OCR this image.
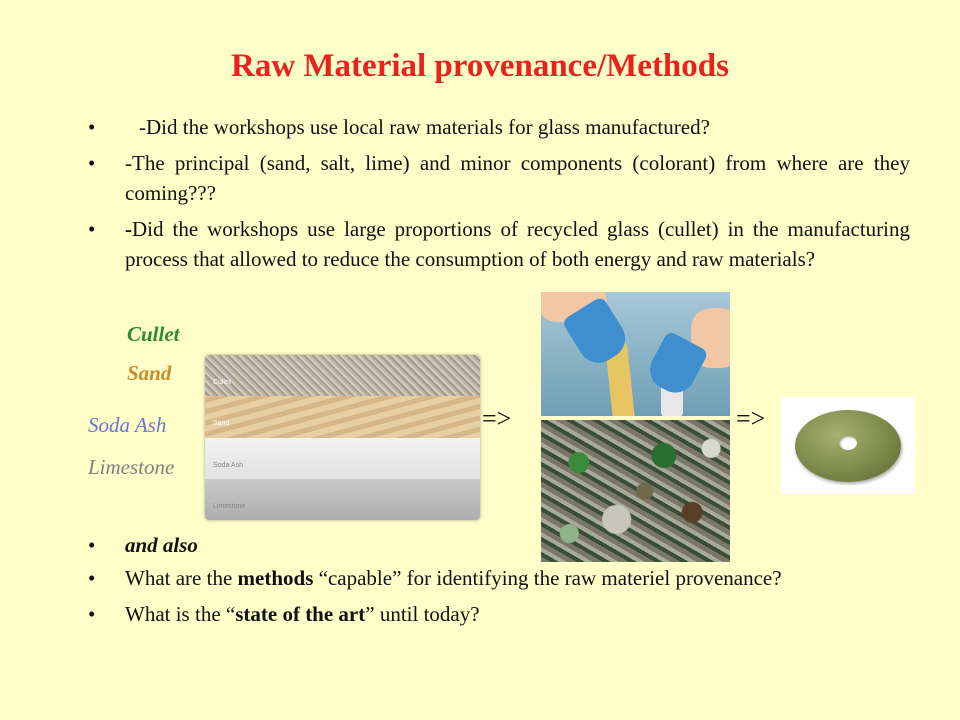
Raw Material provenance/Methods
• -Did the workshops use local raw materials for glass manufactured?
• -The principal (sand, salt, lime) and minor components (colorant) from where are they coming???
• -Did the workshops use large proportions of recycled glass (cullet) in the manufacturing process that allowed to reduce the consumption of both energy and raw materials?
Cullet
Sand
Soda Ash
Limestone
Cullet
Sand
Soda Ash
Limestone
=>	=>
• and also
• What are the methods “capable” for identifying the raw materiel provenance?
• What is the “state of the art” until today?
